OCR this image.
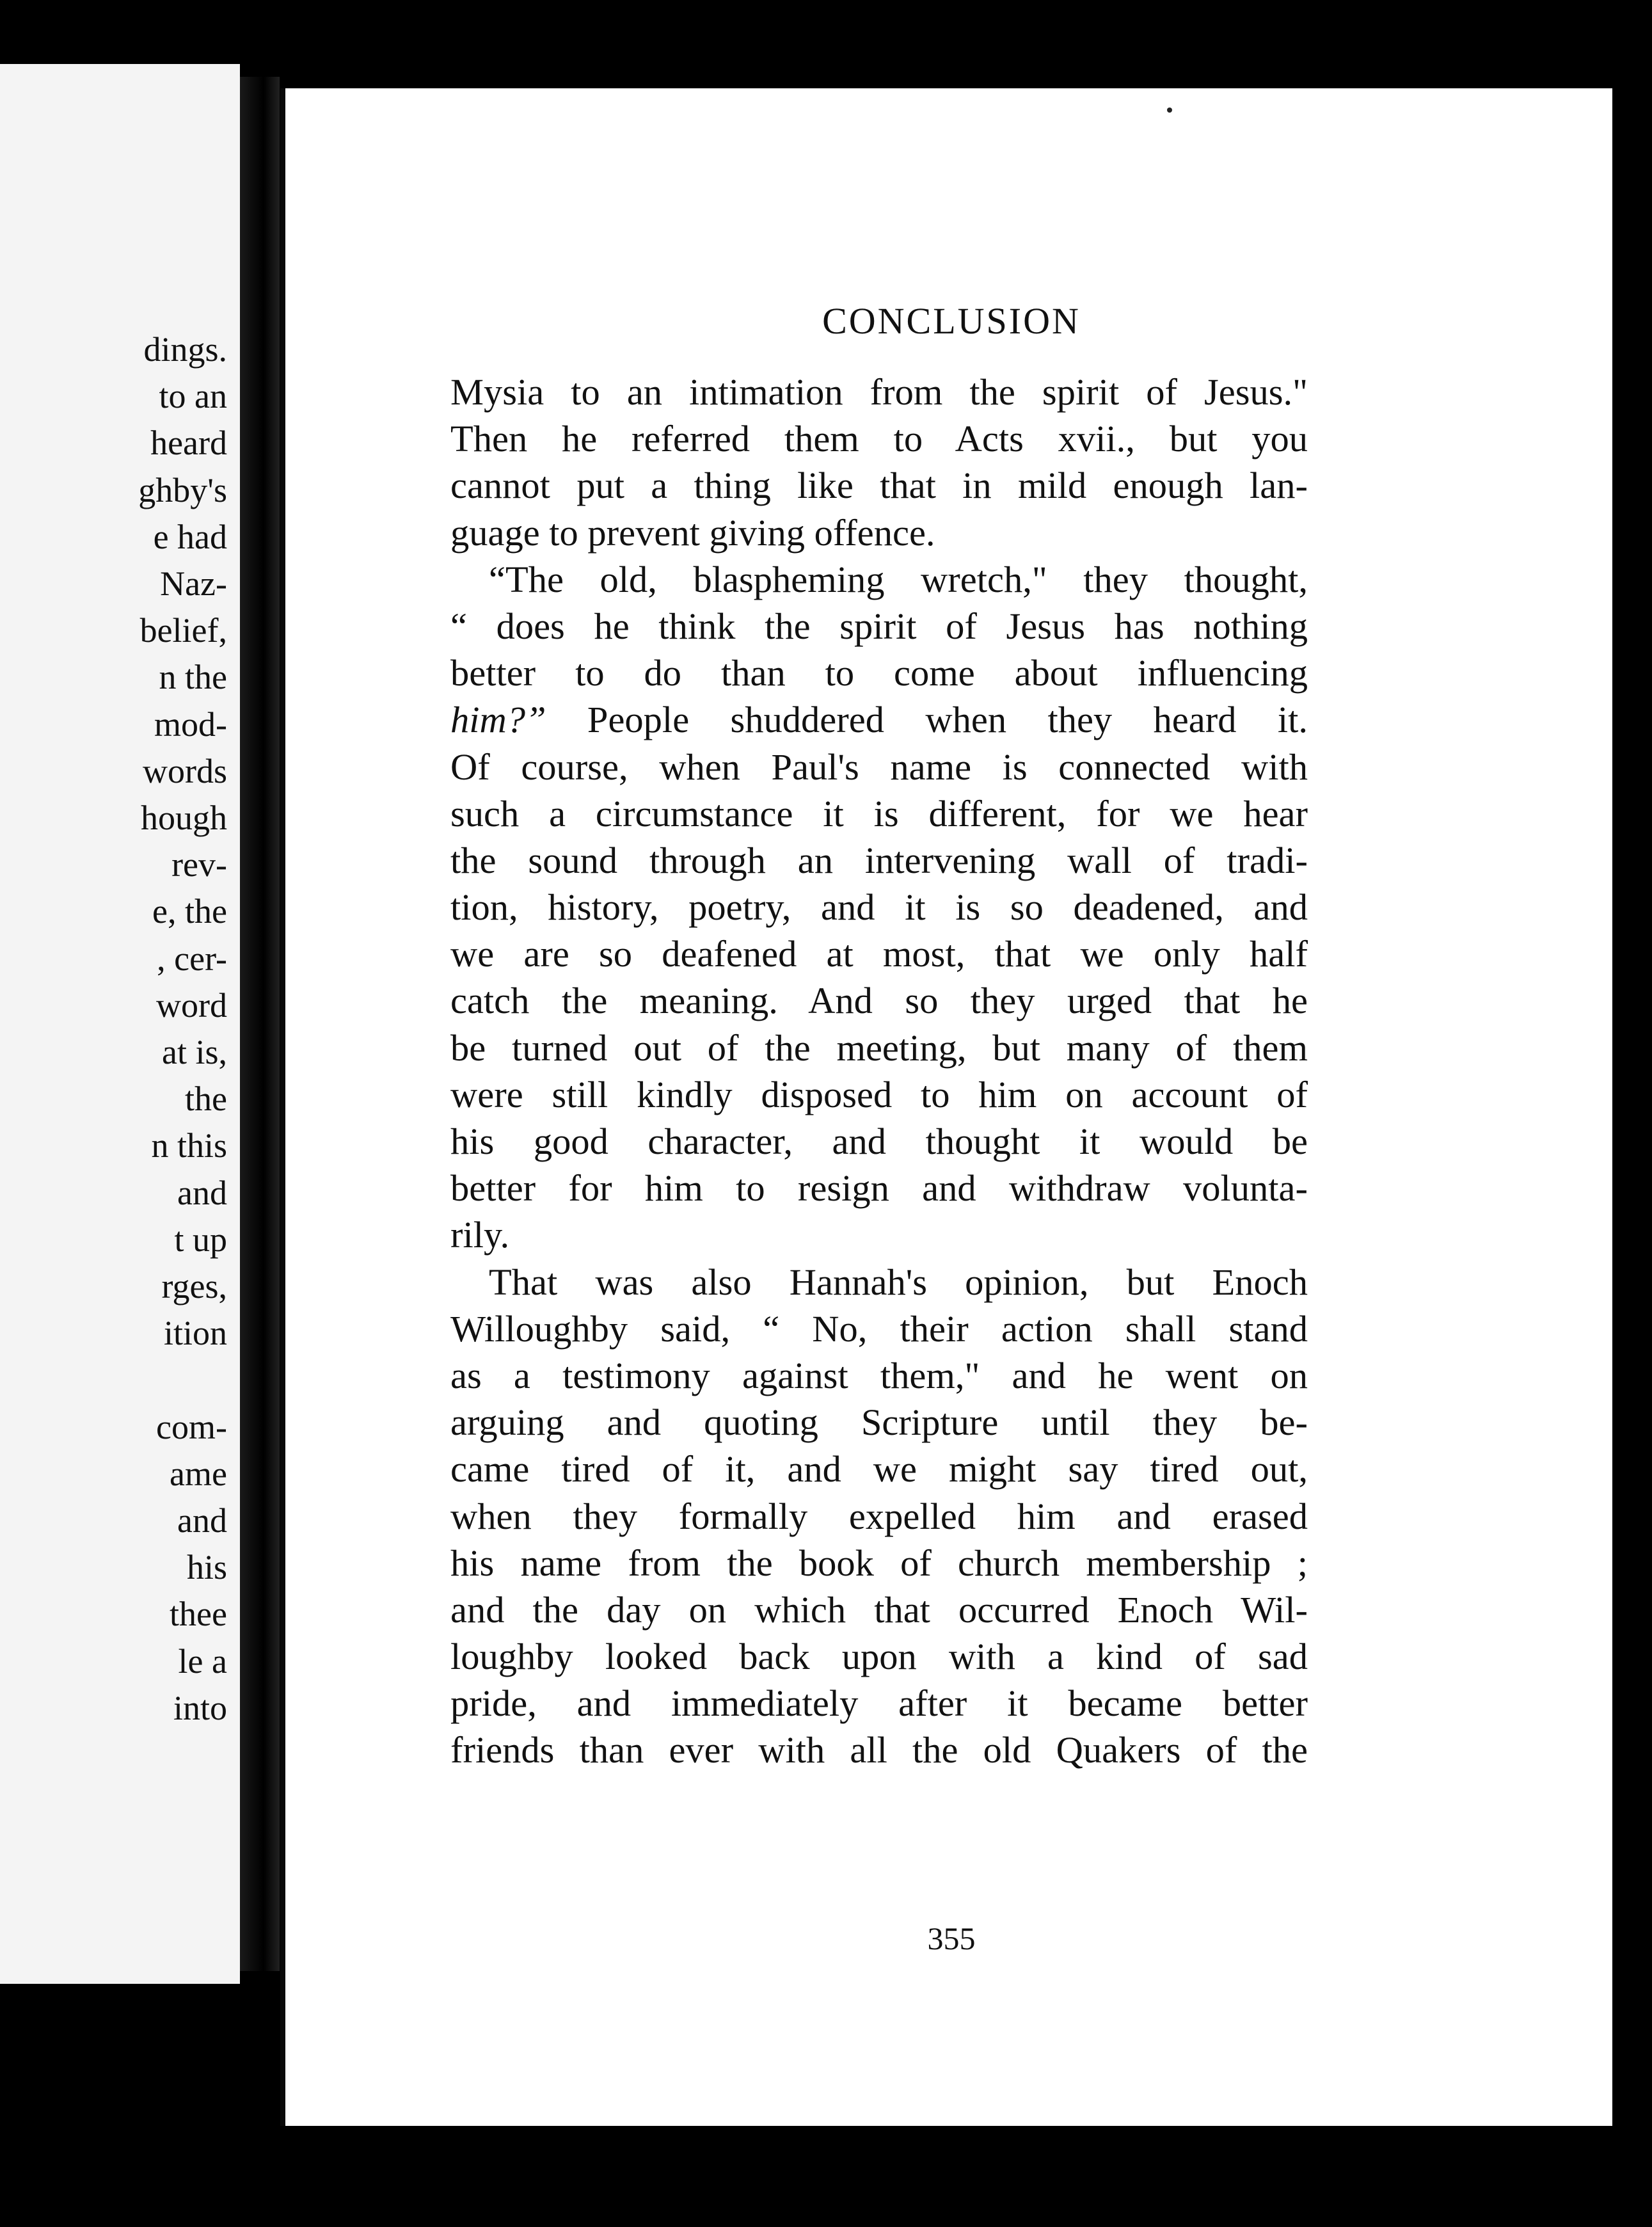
dings.
to an
heard
ghby's
e had
Naz-
belief,
n the
mod-
words
hough
rev-
e, the
, cer-
word
at is,
the
n this
and
t up
rges,
ition
com-
ame
and
his
thee
le a
into
CONCLUSION
Mysia to an intimation from the spirit of Jesus."
Then he referred them to Acts xvii., but you
cannot put a thing like that in mild enough lan-
guage to prevent giving offence.
“The old, blaspheming wretch," they thought,
“ does he think the spirit of Jesus has nothing
better to do than to come about influencing
him?” People shuddered when they heard it.
Of course, when Paul's name is connected with
such a circumstance it is different, for we hear
the sound through an intervening wall of tradi-
tion, history, poetry, and it is so deadened, and
we are so deafened at most, that we only half
catch the meaning. And so they urged that he
be turned out of the meeting, but many of them
were still kindly disposed to him on account of
his good character, and thought it would be
better for him to resign and withdraw volunta-
rily.
That was also Hannah's opinion, but Enoch
Willoughby said, “ No, their action shall stand
as a testimony against them," and he went on
arguing and quoting Scripture until they be-
came tired of it, and we might say tired out,
when they formally expelled him and erased
his name from the book of church membership ;
and the day on which that occurred Enoch Wil-
loughby looked back upon with a kind of sad
pride, and immediately after it became better
friends than ever with all the old Quakers of the
355
